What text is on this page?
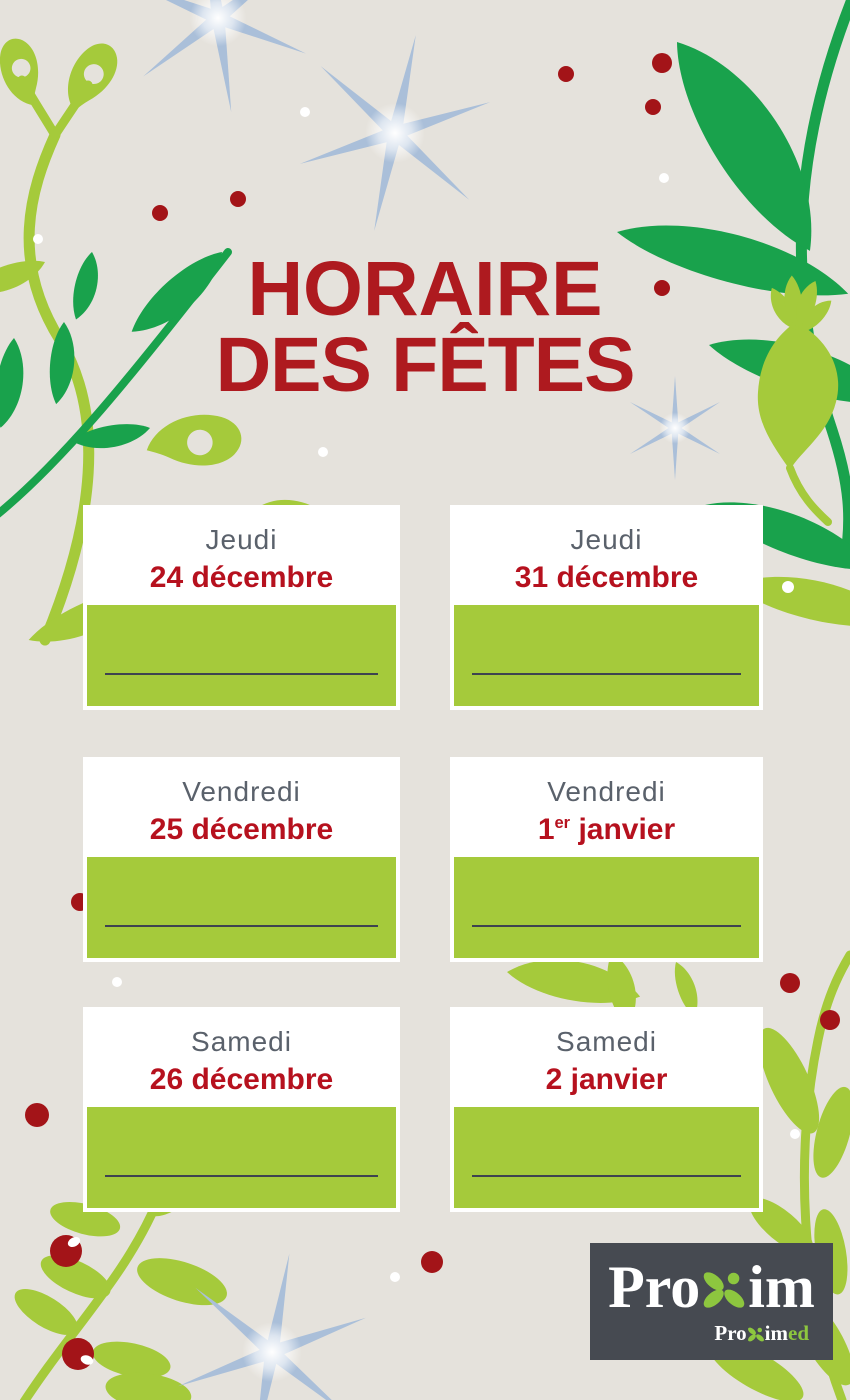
HORAIRE
DES FÊTES
Jeudi
24 décembre
Jeudi
31 décembre
Vendredi
25 décembre
Vendredi
1er janvier
Samedi
26 décembre
Samedi
2 janvier
Pro im
Pro im ed
